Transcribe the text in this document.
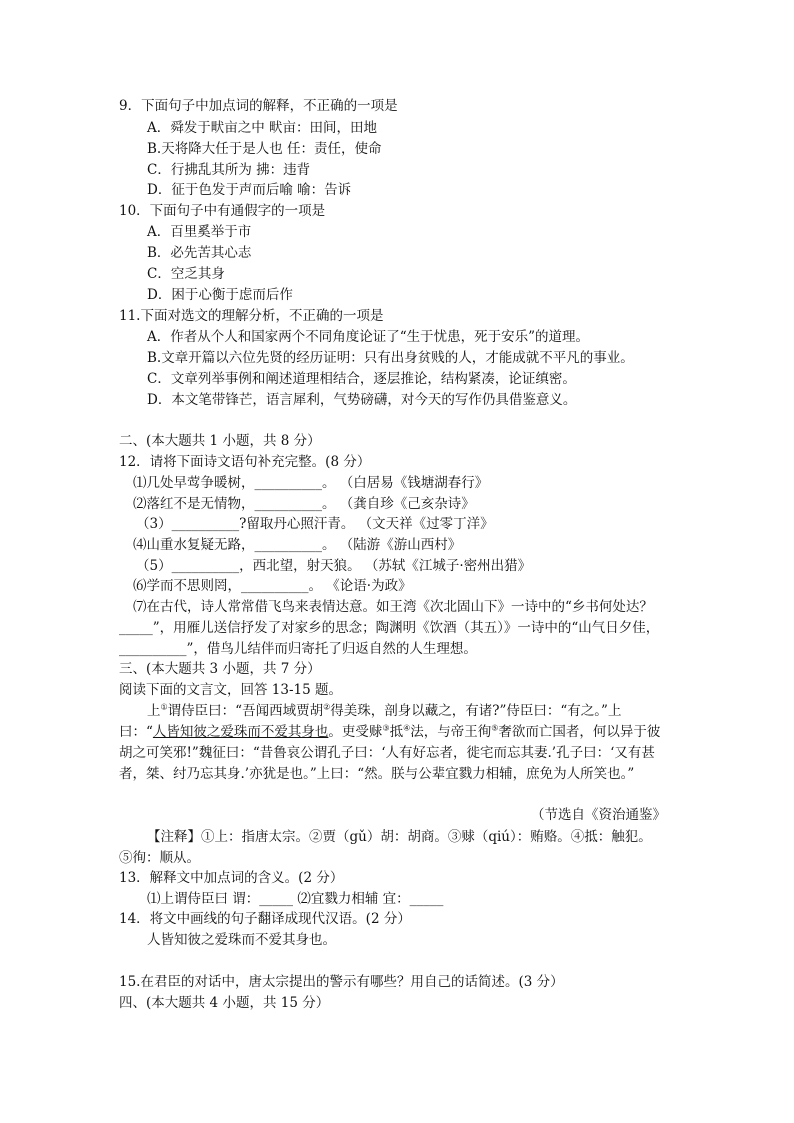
9．下面句子中加点词的解释，不正确的一项是
A．舜发于畎亩之中 畎亩：田间，田地
B.天将降大任于是人也 任：责任，使命
C．行拂乱其所为 拂：违背
D．征于色发于声而后喻 喻：告诉
10．下面句子中有通假字的一项是
A．百里奚举于市
B．必先苦其心志
C．空乏其身
D．困于心衡于虑而后作
11.下面对选文的理解分析，不正确的一项是
A．作者从个人和国家两个不同角度论证了“生于忧患，死于安乐”的道理。
B.文章开篇以六位先贤的经历证明：只有出身贫贱的人，才能成就不平凡的事业。
C．文章列举事例和阐述道理相结合，逐层推论，结构紧凑，论证缜密。
D．本文笔带锋芒，语言犀利，气势磅礴，对今天的写作仍具借鉴意义。
二、(本大题共 1 小题，共 8 分）
12．请将下面诗文语句补充完整。(8 分）
⑴几处早莺争暖树，__________。 （白居易《钱塘湖春行》
⑵落红不是无情物，__________。 （龚自珍《己亥杂诗》
（3）__________?留取丹心照汗青。 （文天祥《过零丁洋》
⑷山重水复疑无路，__________。 （陆游《游山西村》
（5）__________，西北望，射天狼。 （苏轼《江城子·密州出猎》
⑹学而不思则罔，__________。 《论语·为政》
⑺在古代，诗人常常借飞鸟来表情达意。如王湾《次北固山下》一诗中的“乡书何处达？_____”，用雁儿送信抒发了对家乡的思念；陶渊明《饮酒（其五）》一诗中的“山气日夕佳，__________”，借鸟儿结伴而归寄托了归返自然的人生理想。
三、(本大题共 3 小题，共 7 分）
阅读下面的文言文，回答 13-15 题。
上①谓侍臣曰：“吾闻西域贾胡②得美珠，剖身以藏之，有诸?”侍臣曰：“有之。”上曰：“人皆知彼之爱珠而不爱其身也。吏受赇③抵④法，与帝王徇⑤奢欲而亡国者，何以异于彼胡之可笑邪!”魏征曰：“昔鲁哀公谓孔子曰：‘人有好忘者，徙宅而忘其妻.’孔子曰：‘又有甚者，桀、纣乃忘其身.’亦犹是也。”上曰：“然。朕与公辈宜戮力相辅，庶免为人所笑也。”
（节选自《资治通鉴》
【注释】①上：指唐太宗。②贾（gǔ）胡：胡商。③赇（qiú）：贿赂。④抵：触犯。⑤徇：顺从。
13．解释文中加点词的含义。(2 分）
⑴上谓侍臣曰 谓：_____ ⑵宜戮力相辅 宜：_____
14．将文中画线的句子翻译成现代汉语。(2 分）
人皆知彼之爱珠而不爱其身也。
15.在君臣的对话中，唐太宗提出的警示有哪些？用自己的话简述。(3 分）
四、(本大题共 4 小题，共 15 分）
